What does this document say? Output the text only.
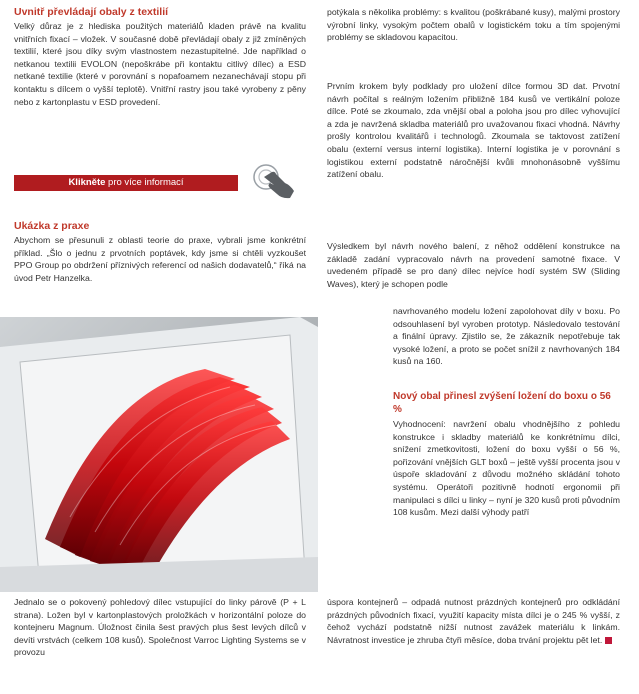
Uvnitř převládají obaly z textilií

Velký důraz je z hlediska použitých materiálů kladen právě na kvalitu vnitřních fixací – vložek. V současné době převládají obaly z již zmíněných textilií, které jsou díky svým vlastnostem nezastupitelné. Jde například o netkanou textilii EVOLON (nepoškrábe při kontaktu citlivý dílec) a ESD netkané textilie (které v porovnání s nopafoamem nezanechávají stopu při kontaktu s dílcem o vyšší teplotě). Vnitřní rastry jsou také vyrobeny z pěny nebo z kartonplastu v ESD provedení.

Klikněte pro více informací
Ukázka z praxe

Abychom se přesunuli z oblasti teorie do praxe, vybrali jsme konkrétní příklad. „Šlo o jednu z prvotních poptávek, kdy jsme si chtěli vyzkoušet PPO Group po obdržení příznivých referencí od našich dodavatelů,“ říká na úvod Petr Hanzelka.

Jednalo se o pokovený pohledový dílec vstupující do linky párově (P + L strana). Ložen byl v kartonplastových proložkách v horizontální poloze do kontejneru Magnum. Úložnost činila šest pravých plus šest levých dílců v devíti vrstvách (celkem 108 kusů). Společnost Varroc Lighting Systems se v provozu

potýkala s několika problémy: s kvalitou (poškrábané kusy), malými prostory výrobní linky, vysokým počtem obalů v logistickém toku a tím spojenými problémy se skladovou kapacitou.

Prvním krokem byly podklady pro uložení dílce formou 3D dat. Prvotní návrh počítal s reálným ložením přibližně 184 kusů ve vertikální poloze dílce. Poté se zkoumalo, zda vnější obal a poloha jsou pro dílec vyhovující a zda je navržená skladba materiálů pro uvažovanou fixaci vhodná. Návrhy prošly kontrolou kvalitářů i technologů. Zkoumala se taktovost zatížení obalu (externí versus interní logistika). Interní logistika je v porovnání s logistikou externí podstatně náročnější kvůli mnohonásobně vyššímu zatížení obalu.

Výsledkem byl návrh nového balení, z něhož oddělení konstrukce na základě zadání vypracovalo návrh na provedení samotné fixace. V uvedeném případě se pro daný dílec nejvíce hodí systém SW (Sliding Waves), který je schopen podle

navrhovaného modelu ložení zapolohovat díly v boxu. Po odsouhlasení byl vyroben prototyp. Následovalo testování a finální úpravy. Zjistilo se, že zákazník nepotřebuje tak vysoké ložení, a proto se počet snížil z navrhovaných 184 kusů na 160.

Nový obal přinesl zvýšení ložení do boxu o 56 %

Vyhodnocení: navržení obalu vhodnějšího z pohledu konstrukce i skladby materiálů ke konkrétnímu dílci, snížení zmetkovitosti, ložení do boxu vyšší o 56 %, pořizování vnějších GLT boxů – ještě vyšší procenta jsou v úspoře skladování z důvodu možného skládání tohoto systému. Operátoři pozitivně hodnotí ergonomii při manipulaci s dílci u linky – nyní je 320 kusů proti původním 108 kusům. Mezi další výhody patří

úspora kontejnerů – odpadá nutnost prázdných kontejnerů pro odkládání prázdných původních fixací, využití kapacity místa dílci je o 245 % vyšší, z čehož vychází podstatně nižší nutnost zavážek materiálu k linkám. Návratnost investice je zhruba čtyři měsíce, doba trvání projektu pět let.
